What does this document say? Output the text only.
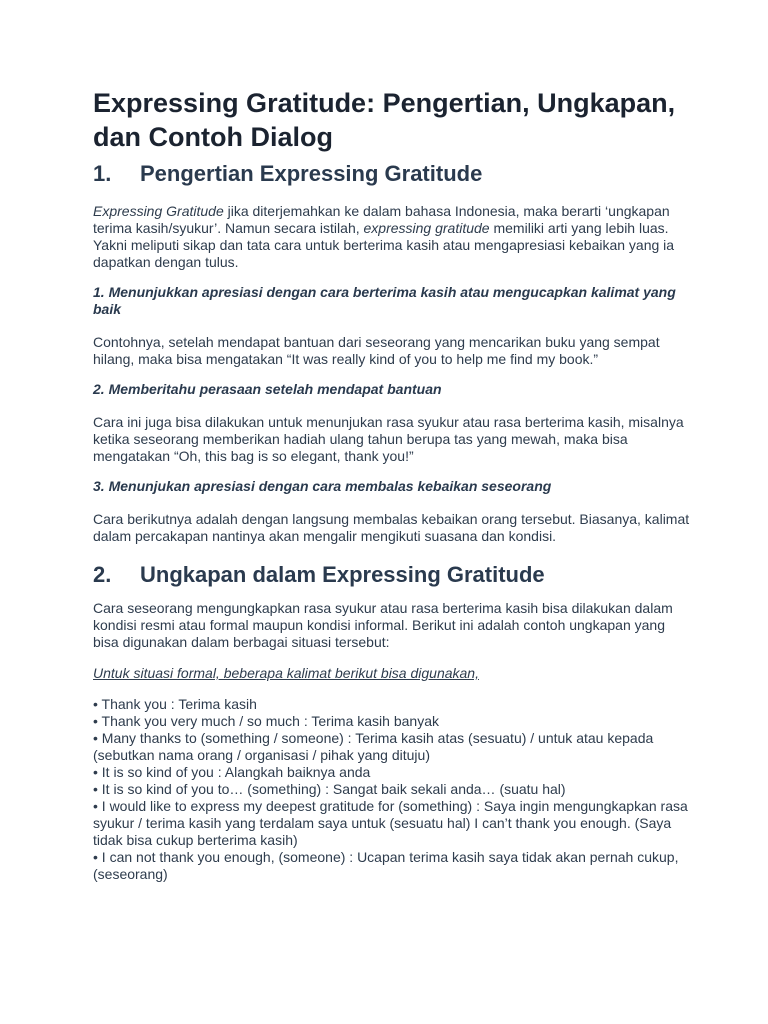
Expressing Gratitude: Pengertian, Ungkapan, dan Contoh Dialog
1.	Pengertian Expressing Gratitude

Expressing Gratitude jika diterjemahkan ke dalam bahasa Indonesia, maka berarti ‘ungkapan terima kasih/syukur’. Namun secara istilah, expressing gratitude memiliki arti yang lebih luas. Yakni meliputi sikap dan tata cara untuk berterima kasih atau mengapresiasi kebaikan yang ia dapatkan dengan tulus.

1. Menunjukkan apresiasi dengan cara berterima kasih atau mengucapkan kalimat yang baik

Contohnya, setelah mendapat bantuan dari seseorang yang mencarikan buku yang sempat hilang, maka bisa mengatakan “It was really kind of you to help me find my book.”

2. Memberitahu perasaan setelah mendapat bantuan

Cara ini juga bisa dilakukan untuk menunjukan rasa syukur atau rasa berterima kasih, misalnya ketika seseorang memberikan hadiah ulang tahun berupa tas yang mewah, maka bisa mengatakan “Oh, this bag is so elegant, thank you!”

3. Menunjukan apresiasi dengan cara membalas kebaikan seseorang

Cara berikutnya adalah dengan langsung membalas kebaikan orang tersebut. Biasanya, kalimat dalam percakapan nantinya akan mengalir mengikuti suasana dan kondisi.

2.	Ungkapan dalam Expressing Gratitude

Cara seseorang mengungkapkan rasa syukur atau rasa berterima kasih bisa dilakukan dalam kondisi resmi atau formal maupun kondisi informal. Berikut ini adalah contoh ungkapan yang bisa digunakan dalam berbagai situasi tersebut:

Untuk situasi formal, beberapa kalimat berikut bisa digunakan,

• Thank you : Terima kasih
• Thank you very much / so much : Terima kasih banyak
• Many thanks to (something / someone) : Terima kasih atas (sesuatu) / untuk atau kepada (sebutkan nama orang / organisasi / pihak yang dituju)
• It is so kind of you : Alangkah baiknya anda
• It is so kind of you to… (something) : Sangat baik sekali anda… (suatu hal)
• I would like to express my deepest gratitude for (something) : Saya ingin mengungkapkan rasa syukur / terima kasih yang terdalam saya untuk (sesuatu hal) I can’t thank you enough. (Saya tidak bisa cukup berterima kasih)
• I can not thank you enough, (someone) : Ucapan terima kasih saya tidak akan pernah cukup, (seseorang)
